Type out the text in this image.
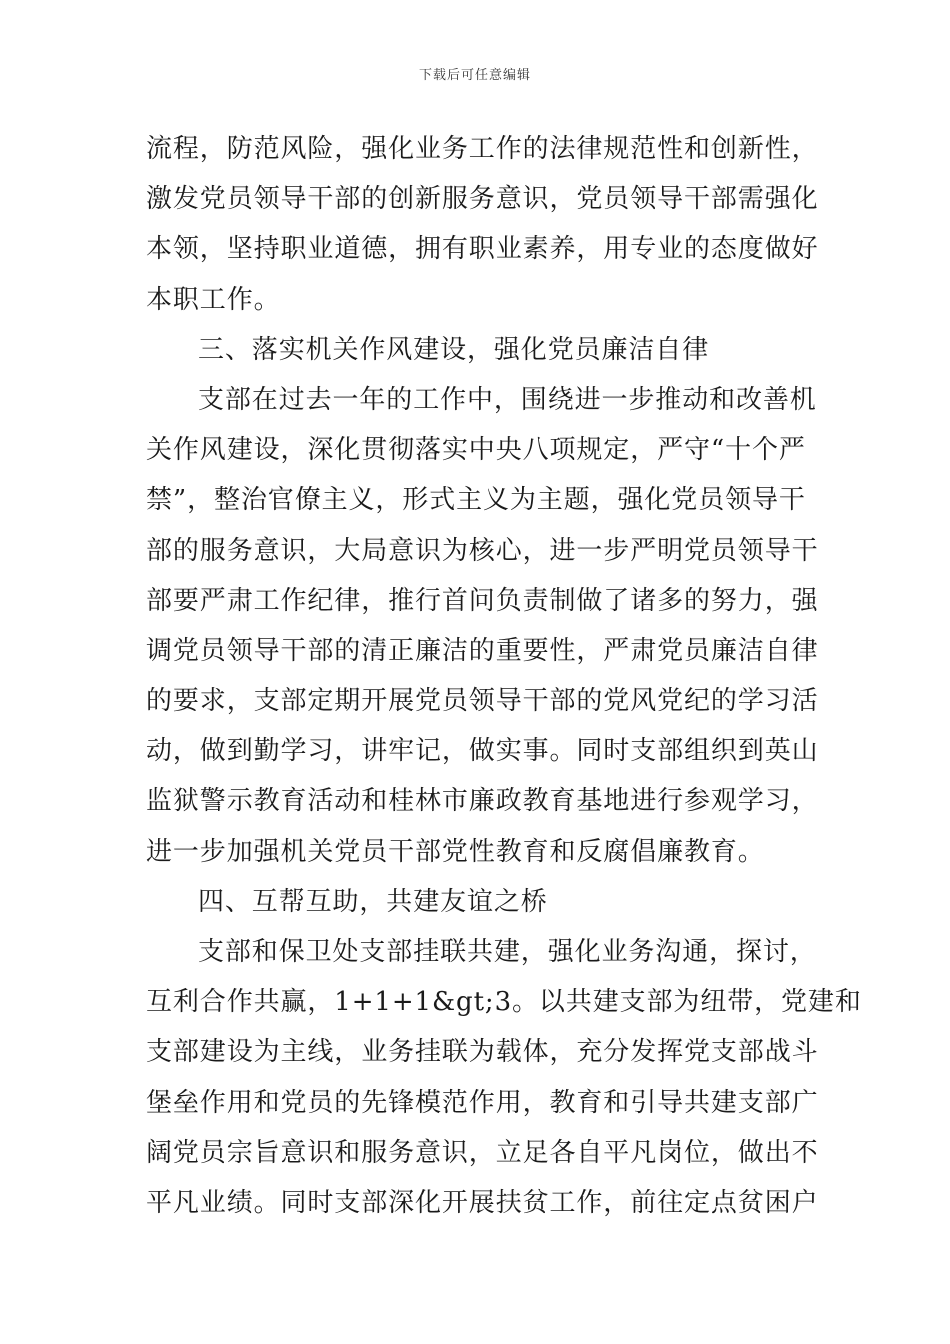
下载后可任意编辑
流程，防范风险，强化业务工作的法律规范性和创新性，
激发党员领导干部的创新服务意识，党员领导干部需强化
本领，坚持职业道德，拥有职业素养，用专业的态度做好
本职工作。
三、落实机关作风建设，强化党员廉洁自律
支部在过去一年的工作中，围绕进一步推动和改善机
关作风建设，深化贯彻落实中央八项规定，严守“十个严
禁”，整治官僚主义，形式主义为主题，强化党员领导干
部的服务意识，大局意识为核心，进一步严明党员领导干
部要严肃工作纪律，推行首问负责制做了诸多的努力，强
调党员领导干部的清正廉洁的重要性，严肃党员廉洁自律
的要求，支部定期开展党员领导干部的党风党纪的学习活
动，做到勤学习，讲牢记，做实事。同时支部组织到英山
监狱警示教育活动和桂林市廉政教育基地进行参观学习，
进一步加强机关党员干部党性教育和反腐倡廉教育。
四、互帮互助，共建友谊之桥
支部和保卫处支部挂联共建，强化业务沟通，探讨，
互利合作共赢，1+1+1&gt;3。以共建支部为纽带，党建和
支部建设为主线，业务挂联为载体，充分发挥党支部战斗
堡垒作用和党员的先锋模范作用，教育和引导共建支部广
阔党员宗旨意识和服务意识，立足各自平凡岗位，做出不
平凡业绩。同时支部深化开展扶贫工作，前往定点贫困户
